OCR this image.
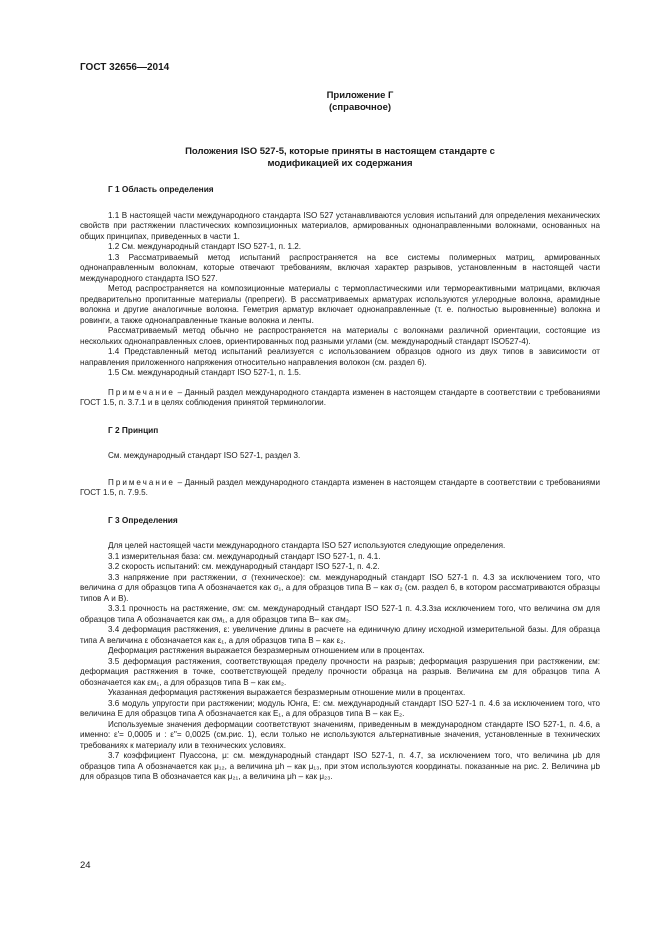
ГОСТ 32656—2014
Приложение Г
(справочное)
Положения ISO 527-5, которые приняты в настоящем стандарте с
модификацией их содержания
Г 1 Область определения

1.1 В настоящей части международного стандарта ISO 527 устанавливаются условия испытаний для определения механических свойств при растяжении пластических композиционных материалов, армированных однонаправленными волокнами, основанных на общих принципах, приведенных в части 1.

1.2 См. международный стандарт ISO 527-1, п. 1.2.

1.3 Рассматриваемый метод испытаний распространяется на все системы полимерных матриц, армированных однонаправленным волокнам, которые отвечают требованиям, включая характер разрывов, установленным в настоящей части международного стандарта ISO 527.

Метод распространяется на композиционные материалы с термопластическими или термореактивными матрицами, включая предварительно пропитанные материалы (препреги). В рассматриваемых арматурах используются углеродные волокна, арамидные волокна и другие аналогичные волокна. Геметрия арматур включает однонаправленные (т. е. полностью выровненные) волокна и ровинги, а также однонаправленные тканые волокна и ленты.

Рассматриваемый метод обычно не распространяется на материалы с волокнами различной ориентации, состоящие из нескольких однонаправленных слоев, ориентированных под разными углами (см. международный стандарт ISO527-4).

1.4 Представленный метод испытаний реализуется с использованием образцов одного из двух типов в зависимости от направления приложенного напряжения относительно направления волокон (см. раздел 6).

1.5 См. международный стандарт ISO 527-1, п. 1.5.

Примечание – Данный раздел международного стандарта изменен в настоящем стандарте в соответствии с требованиями ГОСТ 1.5, п. 3.7.1 и в целях соблюдения принятой терминологии.

Г 2 Принцип

См. международный стандарт ISO 527-1, раздел 3.

Примечание – Данный раздел международного стандарта изменен в настоящем стандарте в соответствии с требованиями ГОСТ 1.5, п. 7.9.5.

Г 3 Определения

Для целей настоящей части международного стандарта ISO 527 используются следующие определения.

3.1 измерительная база: см. международный стандарт ISO 527-1, п. 4.1.

3.2 скорость испытаний: см. международный стандарт ISO 527-1, п. 4.2.

3.3 напряжение при растяжении, σ (техническое): см. международный стандарт ISO 527-1 п. 4.3 за исключением того, что величина σ для образцов типа А обозначается как σ₁, а для образцов типа В – как σ₂ (см. раздел 6, в котором рассматриваются образцы типов А и В).

3.3.1 прочность на растяжение, σм: см. международный стандарт ISO 527-1 п. 4.3.3за исключением того, что величина σм для образцов типа А обозначается как σм₁, а для образцов типа В– как σм₂.

3.4 деформация растяжения, ε: увеличение длины в расчете на единичную длину исходной измерительной базы. Для образца типа А величина ε обозначается как ε₁, а для образцов типа В – как ε₂.

Деформация растяжения выражается безразмерным отношением или в процентах.

3.5 деформация растяжения, соответствующая пределу прочности на разрыв; деформация разрушения при растяжении, εм: деформация растяжения в точке, соответствующей пределу прочности образца на разрыв. Величина εм для образцов типа А обозначается как εм₁, а для образцов типа В – как εм₂.

Указанная деформация растяжения выражается безразмерным отношение мили в процентах.

3.6 модуль упругости при растяжении; модуль Юнга, E: см. международный стандарт ISO 527-1 п. 4.6 за исключением того, что величина E для образцов типа А обозначается как E₁, а для образцов типа В – как E₂.

Используемые значения деформации соответствуют значениям, приведенным в международном стандарте ISO 527-1, п. 4.6, а именно: ε'= 0,0005 и : ε''= 0,0025 (см.рис. 1), если только не используются альтернативные значения, установленные в технических требованиях к материалу или в технических условиях.

3.7 коэффициент Пуассона, μ: см. международный стандарт ISO 527-1, п. 4.7, за исключением того, что величина μb для образцов типа А обозначается как μ₁₂, а величина μh – как μ₁₃, при этом используются координаты. показанные на рис. 2. Величина μb для образцов типа В обозначается как μ₂₁, а величина μh – как μ₂₃.

24
